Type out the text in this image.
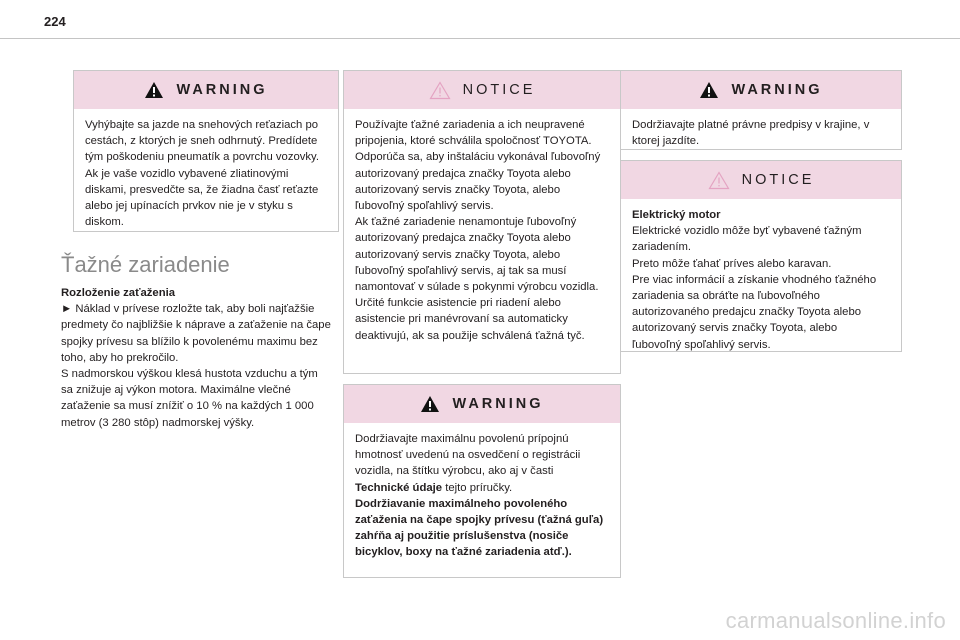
224
WARNING

Vyhýbajte sa jazde na snehových reťaziach po cestách, z ktorých je sneh odhrnutý. Predídete tým poškodeniu pneumatík a povrchu vozovky. Ak je vaše vozidlo vybavené zliatinovými diskami, presvedčte sa, že žiadna časť reťazte alebo jej upínacích prvkov nie je v styku s diskom.

Ťažné zariadenie

Rozloženie zaťaženia

► Náklad v prívese rozložte tak, aby boli najťažšie predmety čo najbližšie k náprave a zaťaženie na čape spojky prívesu sa blížilo k povolenému maximu bez toho, aby ho prekročilo.

S nadmorskou výškou klesá hustota vzduchu a tým sa znižuje aj výkon motora. Maximálne vlečné zaťaženie sa musí znížiť o 10 % na každých 1 000 metrov (3 280 stôp) nadmorskej výšky.

NOTICE

Používajte ťažné zariadenia a ich neupravené pripojenia, ktoré schválila spoločnosť TOYOTA. Odporúča sa, aby inštaláciu vykonával ľubovoľný autorizovaný predajca značky Toyota alebo autorizovaný servis značky Toyota, alebo ľubovoľný spoľahlivý servis.

Ak ťažné zariadenie nenamontuje ľubovoľný autorizovaný predajca značky Toyota alebo autorizovaný servis značky Toyota, alebo ľubovoľný spoľahlivý servis, aj tak sa musí namontovať v súlade s pokynmi výrobcu vozidla.

Určité funkcie asistencie pri riadení alebo asistencie pri manévrovaní sa automaticky deaktivujú, ak sa použije schválená ťažná tyč.

WARNING

Dodržiavajte maximálnu povolenú prípojnú hmotnosť uvedenú na osvedčení o registrácii vozidla, na štítku výrobcu, ako aj v časti Technické údaje tejto príručky.

Dodržiavanie maximálneho povoleného zaťaženia na čape spojky prívesu (ťažná guľa) zahŕňa aj použitie príslušenstva (nosiče bicyklov, boxy na ťažné zariadenia atď.).

WARNING

Dodržiavajte platné právne predpisy v krajine, v ktorej jazdíte.

NOTICE

Elektrický motor

Elektrické vozidlo môže byť vybavené ťažným zariadením.

Preto môže ťahať príves alebo karavan.

Pre viac informácií a získanie vhodného ťažného zariadenia sa obráťte na ľubovoľného autorizovaného predajcu značky Toyota alebo autorizovaný servis značky Toyota, alebo ľubovoľný spoľahlivý servis.

carmanualsonline.info
